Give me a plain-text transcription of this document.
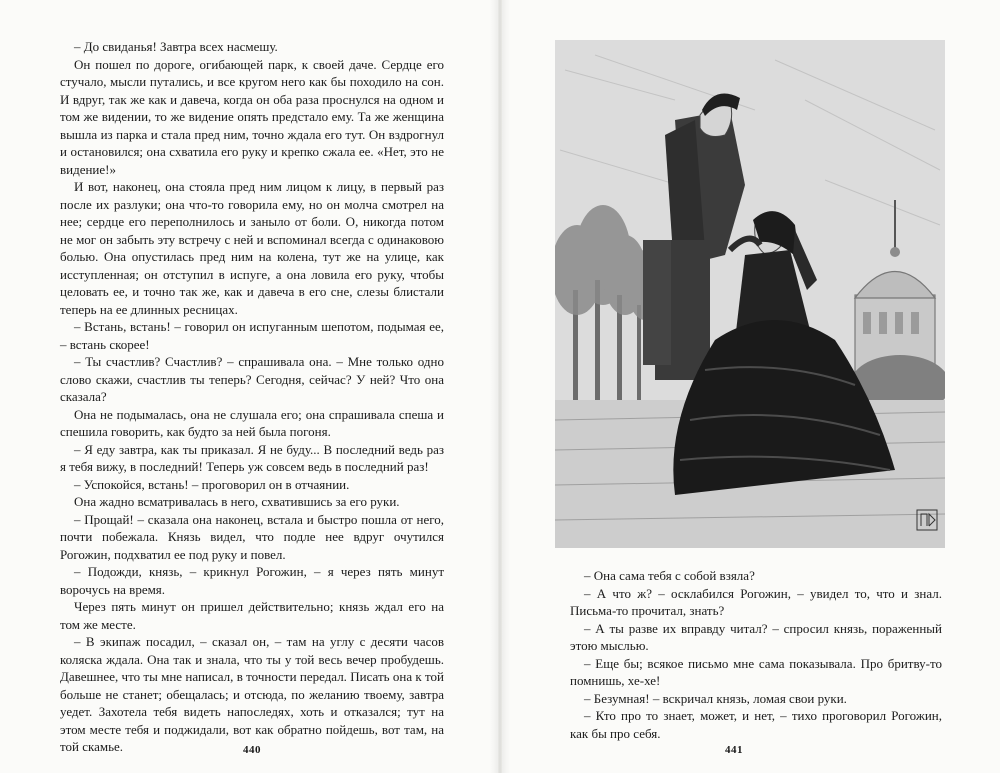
– До свиданья! Завтра всех насмешу.

Он пошел по дороге, огибающей парк, к своей даче. Сердце его стучало, мысли путались, и все кругом него как бы походило на сон. И вдруг, так же как и давеча, когда он оба раза проснулся на одном и том же видении, то же видение опять предстало ему. Та же женщина вышла из парка и стала пред ним, точно ждала его тут. Он вздрогнул и остановился; она схватила его руку и крепко сжала ее. «Нет, это не видение!»

И вот, наконец, она стояла пред ним лицом к лицу, в первый раз после их разлуки; она что-то говорила ему, но он молча смотрел на нее; сердце его переполнилось и заныло от боли. О, никогда потом не мог он забыть эту встречу с ней и вспоминал всегда с одинаковою болью. Она опустилась пред ним на колена, тут же на улице, как исступленная; он отступил в испуге, а она ловила его руку, чтобы целовать ее, и точно так же, как и давеча в его сне, слезы блистали теперь на ее длинных ресницах.

– Встань, встань! – говорил он испуганным шепотом, подымая ее, – встань скорее!

– Ты счастлив? Счастлив? – спрашивала она. – Мне только одно слово скажи, счастлив ты теперь? Сегодня, сейчас? У ней? Что она сказала?

Она не подымалась, она не слушала его; она спрашивала спеша и спешила говорить, как будто за ней была погоня.

– Я еду завтра, как ты приказал. Я не буду... В последний ведь раз я тебя вижу, в последний! Теперь уж совсем ведь в последний раз!

– Успокойся, встань! – проговорил он в отчаянии.

Она жадно всматривалась в него, схватившись за его руки.

– Прощай! – сказала она наконец, встала и быстро пошла от него, почти побежала. Князь видел, что подле нее вдруг очутился Рогожин, подхватил ее под руку и повел.

– Подожди, князь, – крикнул Рогожин, – я через пять минут ворочусь на время.

Через пять минут он пришел действительно; князь ждал его на том же месте.

– В экипаж посадил, – сказал он, – там на углу с десяти часов коляска ждала. Она так и знала, что ты у той весь вечер пробудешь. Давешнее, что ты мне написал, в точности передал. Писать она к той больше не станет; обещалась; и отсюда, по желанию твоему, завтра уедет. Захотела тебя видеть напоследях, хоть и отказался; тут на этом месте тебя и поджидали, вот как обратно пойдешь, вот там, на той скамье.	440

– Она сама тебя с собой взяла?

– А что ж? – осклабился Рогожин, – увидел то, что и знал. Письма-то прочитал, знать?

– А ты разве их вправду читал? – спросил князь, пораженный этою мыслью.

– Еще бы; всякое письмо мне сама показывала. Про бритву-то помнишь, хе-хе!

– Безумная! – вскричал князь, ломая свои руки.

– Кто про то знает, может, и нет, – тихо проговорил Рогожин, как бы про себя.

441
